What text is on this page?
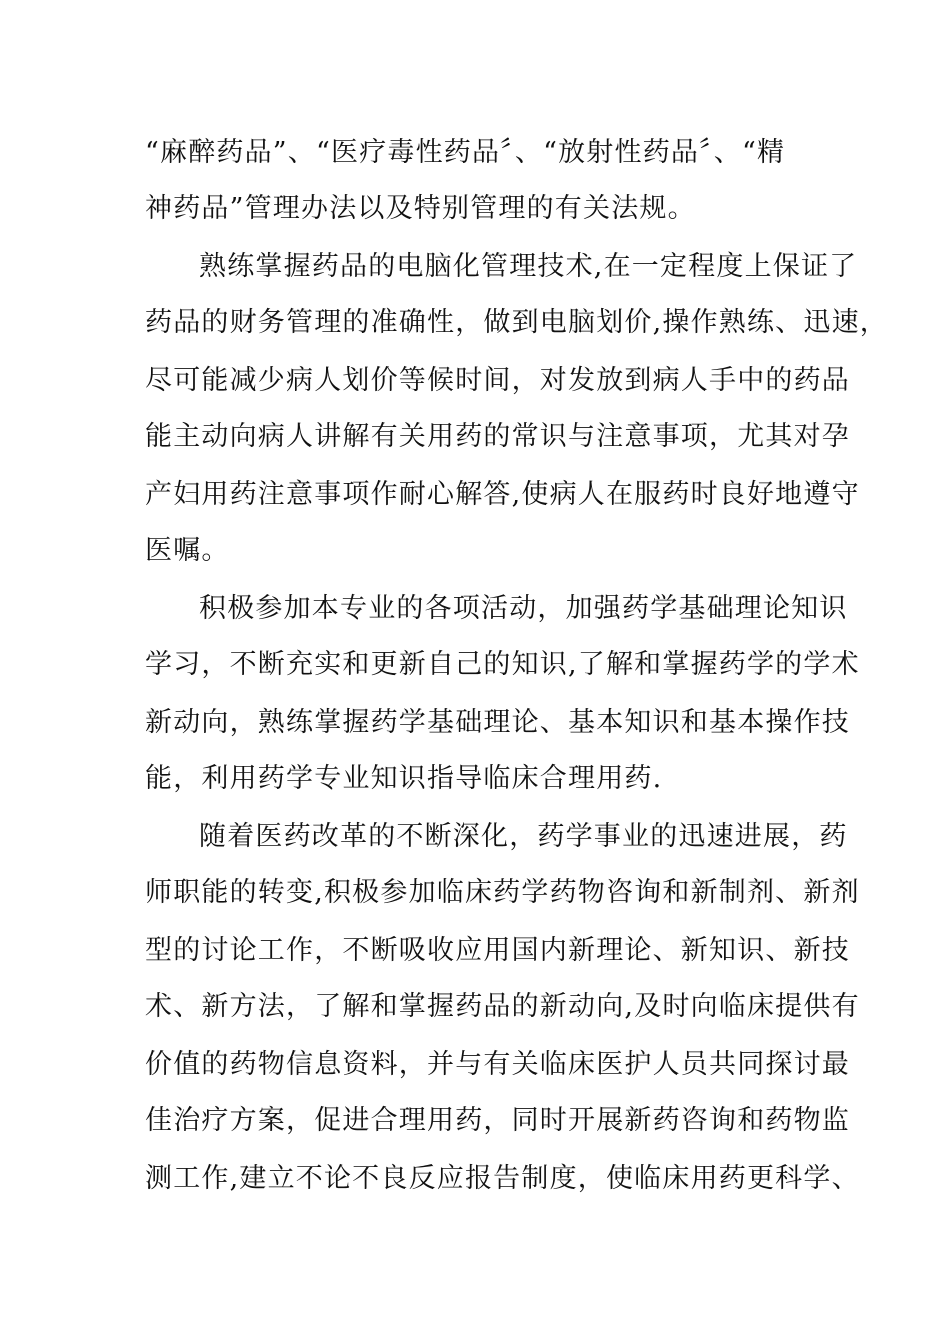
“麻醉药品”、“医疗毒性药品〞、“放射性药品〞、“精
神药品”管理办法以及特别管理的有关法规。
熟练掌握药品的电脑化管理技术,在一定程度上保证了
药品的财务管理的准确性，做到电脑划价,操作熟练、迅速，
尽可能减少病人划价等候时间，对发放到病人手中的药品
能主动向病人讲解有关用药的常识与注意事项，尤其对孕
产妇用药注意事项作耐心解答,使病人在服药时良好地遵守
医嘱。
积极参加本专业的各项活动，加强药学基础理论知识
学习，不断充实和更新自己的知识,了解和掌握药学的学术
新动向，熟练掌握药学基础理论、基本知识和基本操作技
能，利用药学专业知识指导临床合理用药.
随着医药改革的不断深化，药学事业的迅速进展，药
师职能的转变,积极参加临床药学药物咨询和新制剂、新剂
型的讨论工作，不断吸收应用国内新理论、新知识、新技
术、新方法，了解和掌握药品的新动向,及时向临床提供有
价值的药物信息资料，并与有关临床医护人员共同探讨最
佳治疗方案，促进合理用药，同时开展新药咨询和药物监
测工作,建立不论不良反应报告制度，使临床用药更科学、
